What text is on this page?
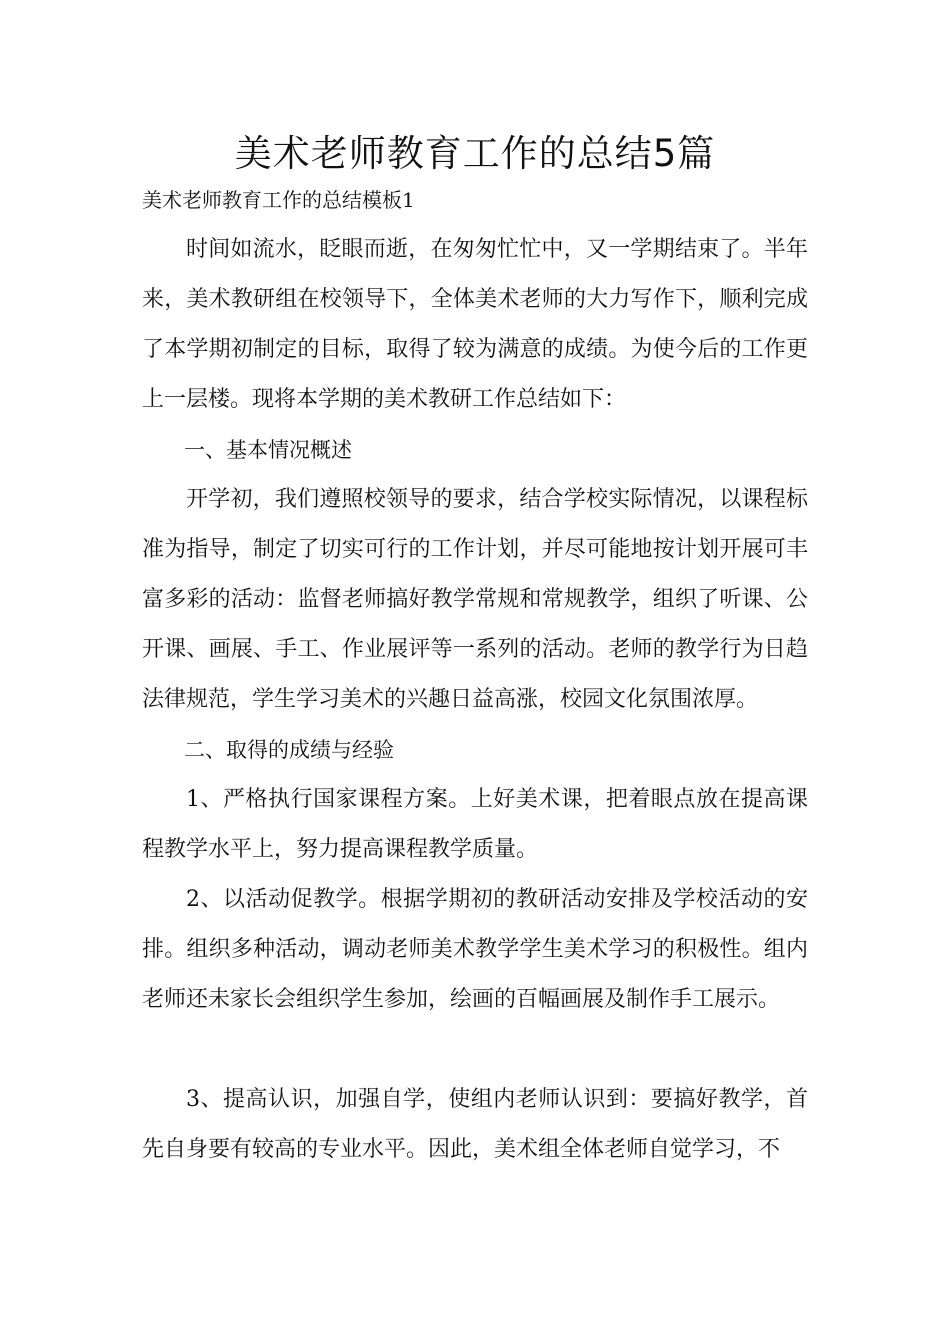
美术老师教育工作的总结5篇

美术老师教育工作的总结模板1

时间如流水，眨眼而逝，在匆匆忙忙中，又一学期结束了。半年来，美术教研组在校领导下，全体美术老师的大力写作下，顺利完成了本学期初制定的目标，取得了较为满意的成绩。为使今后的工作更上一层楼。现将本学期的美术教研工作总结如下：

一、基本情况概述

开学初，我们遵照校领导的要求，结合学校实际情况，以课程标准为指导，制定了切实可行的工作计划，并尽可能地按计划开展可丰富多彩的活动：监督老师搞好教学常规和常规教学，组织了听课、公开课、画展、手工、作业展评等一系列的活动。老师的教学行为日趋法律规范，学生学习美术的兴趣日益高涨，校园文化氛围浓厚。

二、取得的成绩与经验

1、严格执行国家课程方案。上好美术课，把着眼点放在提高课程教学水平上，努力提高课程教学质量。

2、以活动促教学。根据学期初的教研活动安排及学校活动的安排。组织多种活动，调动老师美术教学学生美术学习的积极性。组内老师还未家长会组织学生参加，绘画的百幅画展及制作手工展示。

3、提高认识，加强自学，使组内老师认识到：要搞好教学，首先自身要有较高的专业水平。因此，美术组全体老师自觉学习，不
